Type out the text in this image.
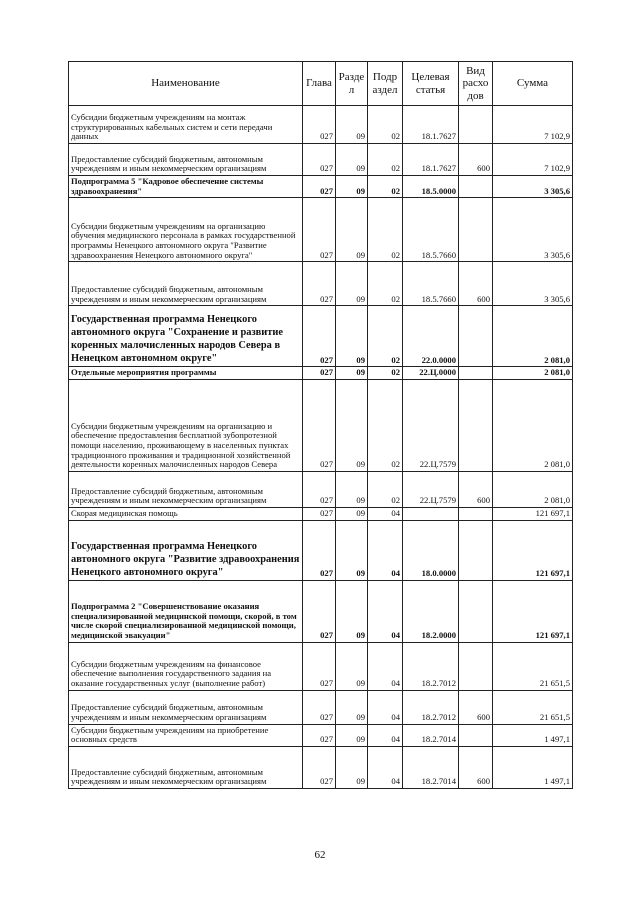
Наименование	Глава	Разде л	Подр аздел	Целевая статья	Вид расхо дов	Сумма
Субсидии бюджетным учреждениям на монтаж структурированных кабельных систем и сети передачи данных	027	09	02	18.1.7627		7 102,9
Предоставление субсидий бюджетным, автономным учреждениям и иным некоммерческим организациям	027	09	02	18.1.7627	600	7 102,9
Подпрограмма 5 "Кадровое обеспечение системы здравоохранения"	027	09	02	18.5.0000		3 305,6
Субсидии бюджетным учреждениям на организацию обучения медицинского персонала в рамках государственной программы Ненецкого автономного округа "Развитие здравоохранения Ненецкого автономного округа"	027	09	02	18.5.7660		3 305,6
Предоставление субсидий бюджетным, автономным учреждениям и иным некоммерческим организациям	027	09	02	18.5.7660	600	3 305,6
Государственная программа Ненецкого автономного округа "Сохранение и развитие коренных малочисленных народов Севера в Ненецком автономном округе"	027	09	02	22.0.0000		2 081,0
Отдельные мероприятия программы	027	09	02	22.Ц.0000		2 081,0
Субсидии бюджетным учреждениям на организацию и обеспечение предоставления бесплатной зубопротезной помощи населению, проживающему в населенных пунктах традиционного проживания и традиционной хозяйственной деятельности коренных малочисленных народов Севера	027	09	02	22.Ц.7579		2 081,0
Предоставление субсидий бюджетным, автономным учреждениям и иным некоммерческим организациям	027	09	02	22.Ц.7579	600	2 081,0
Скорая медицинская помощь	027	09	04			121 697,1
Государственная программа Ненецкого автономного округа "Развитие здравоохранения Ненецкого автономного округа"	027	09	04	18.0.0000		121 697,1
Подпрограмма 2 "Совершенствование оказания специализированной медицинской помощи, скорой, в том числе скорой специализированной медицинской помощи, медицинской эвакуации"	027	09	04	18.2.0000		121 697,1
Субсидии бюджетным учреждениям на финансовое обеспечение выполнения государственного задания на оказание государственных услуг (выполнение работ)	027	09	04	18.2.7012		21 651,5
Предоставление субсидий бюджетным, автономным учреждениям и иным некоммерческим организациям	027	09	04	18.2.7012	600	21 651,5
Субсидии бюджетным учреждениям на приобретение основных средств	027	09	04	18.2.7014		1 497,1
Предоставление субсидий бюджетным, автономным учреждениям и иным некоммерческим организациям	027	09	04	18.2.7014	600	1 497,1
62
